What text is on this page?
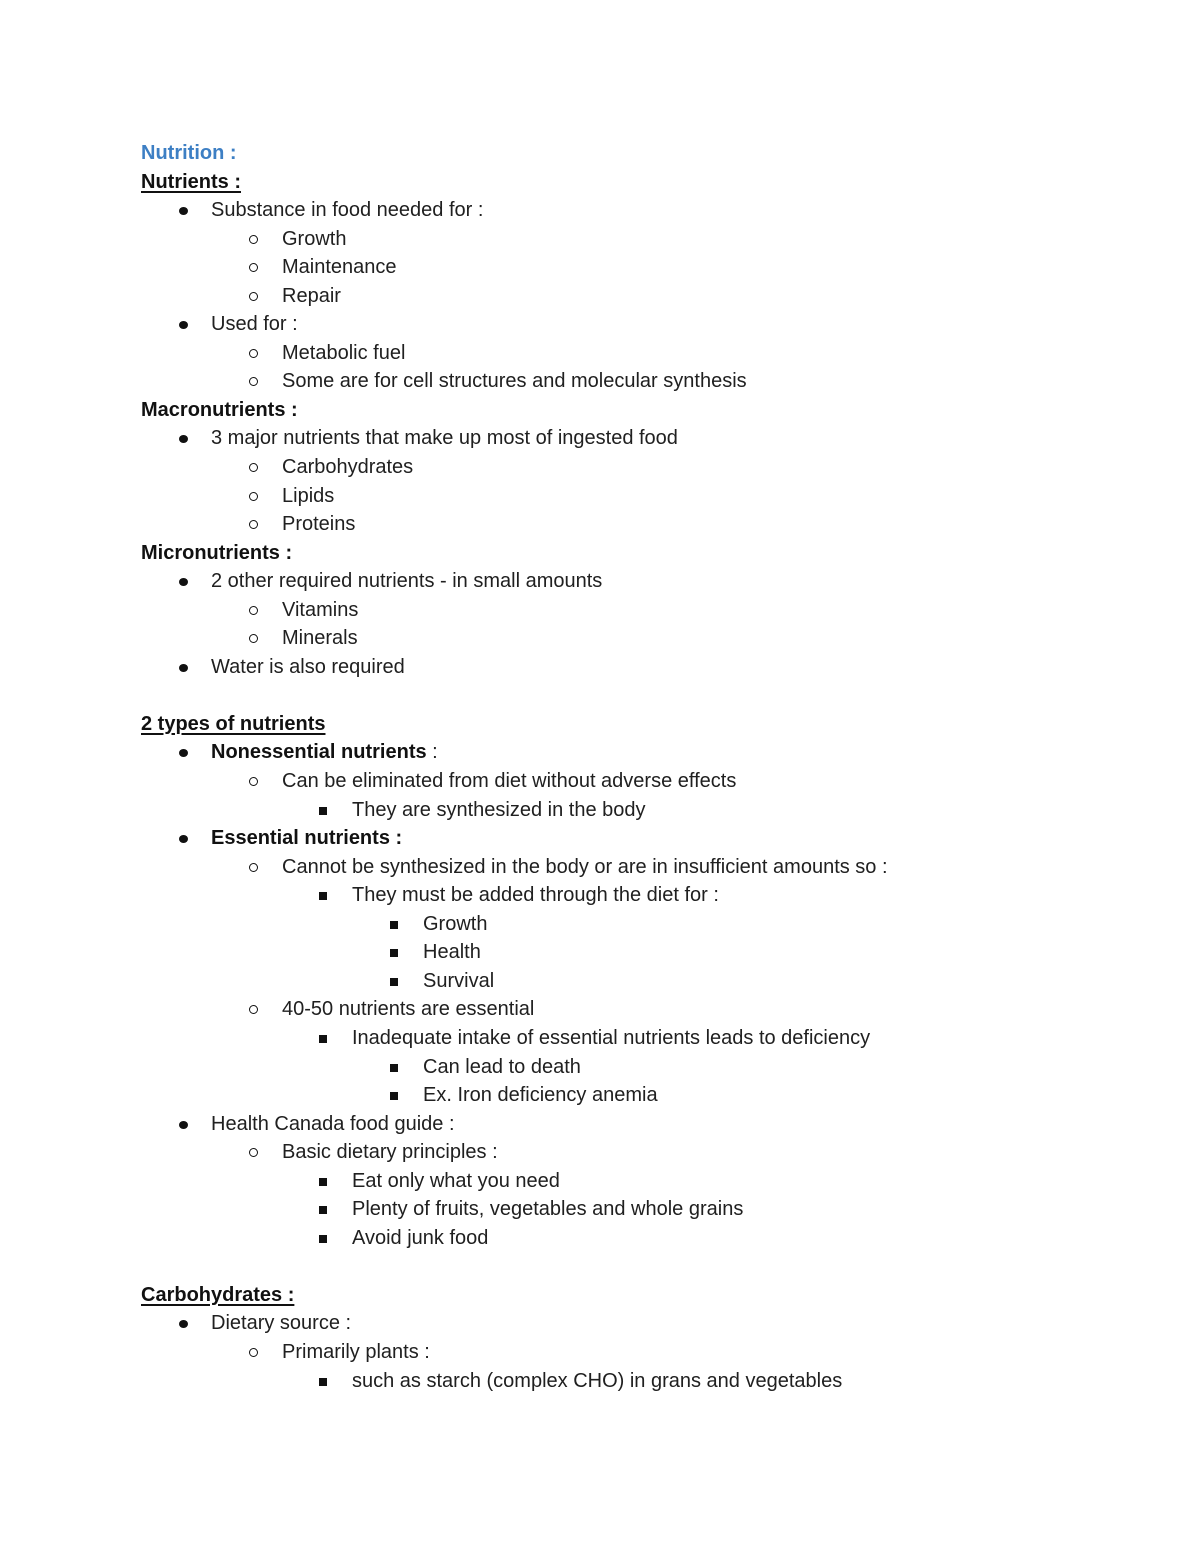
Nutrition :
Nutrients :
Substance in food needed for :
Growth
Maintenance
Repair
Used for :
Metabolic fuel
Some are for cell structures and molecular synthesis
Macronutrients :
3 major nutrients that make up most of ingested food
Carbohydrates
Lipids
Proteins
Micronutrients :
2 other required nutrients - in small amounts
Vitamins
Minerals
Water is also required
2 types of nutrients
Nonessential nutrients :
Can be eliminated from diet without adverse effects
They are synthesized in the body
Essential nutrients :
Cannot be synthesized in the body or are in insufficient amounts so :
They must be added through the diet for :
Growth
Health
Survival
40-50 nutrients are essential
Inadequate intake of essential nutrients leads to deficiency
Can lead to death
Ex. Iron deficiency anemia
Health Canada food guide :
Basic dietary principles :
Eat only what you need
Plenty of fruits, vegetables and whole grains
Avoid junk food
Carbohydrates :
Dietary source :
Primarily plants :
such as starch (complex CHO) in grans and vegetables
